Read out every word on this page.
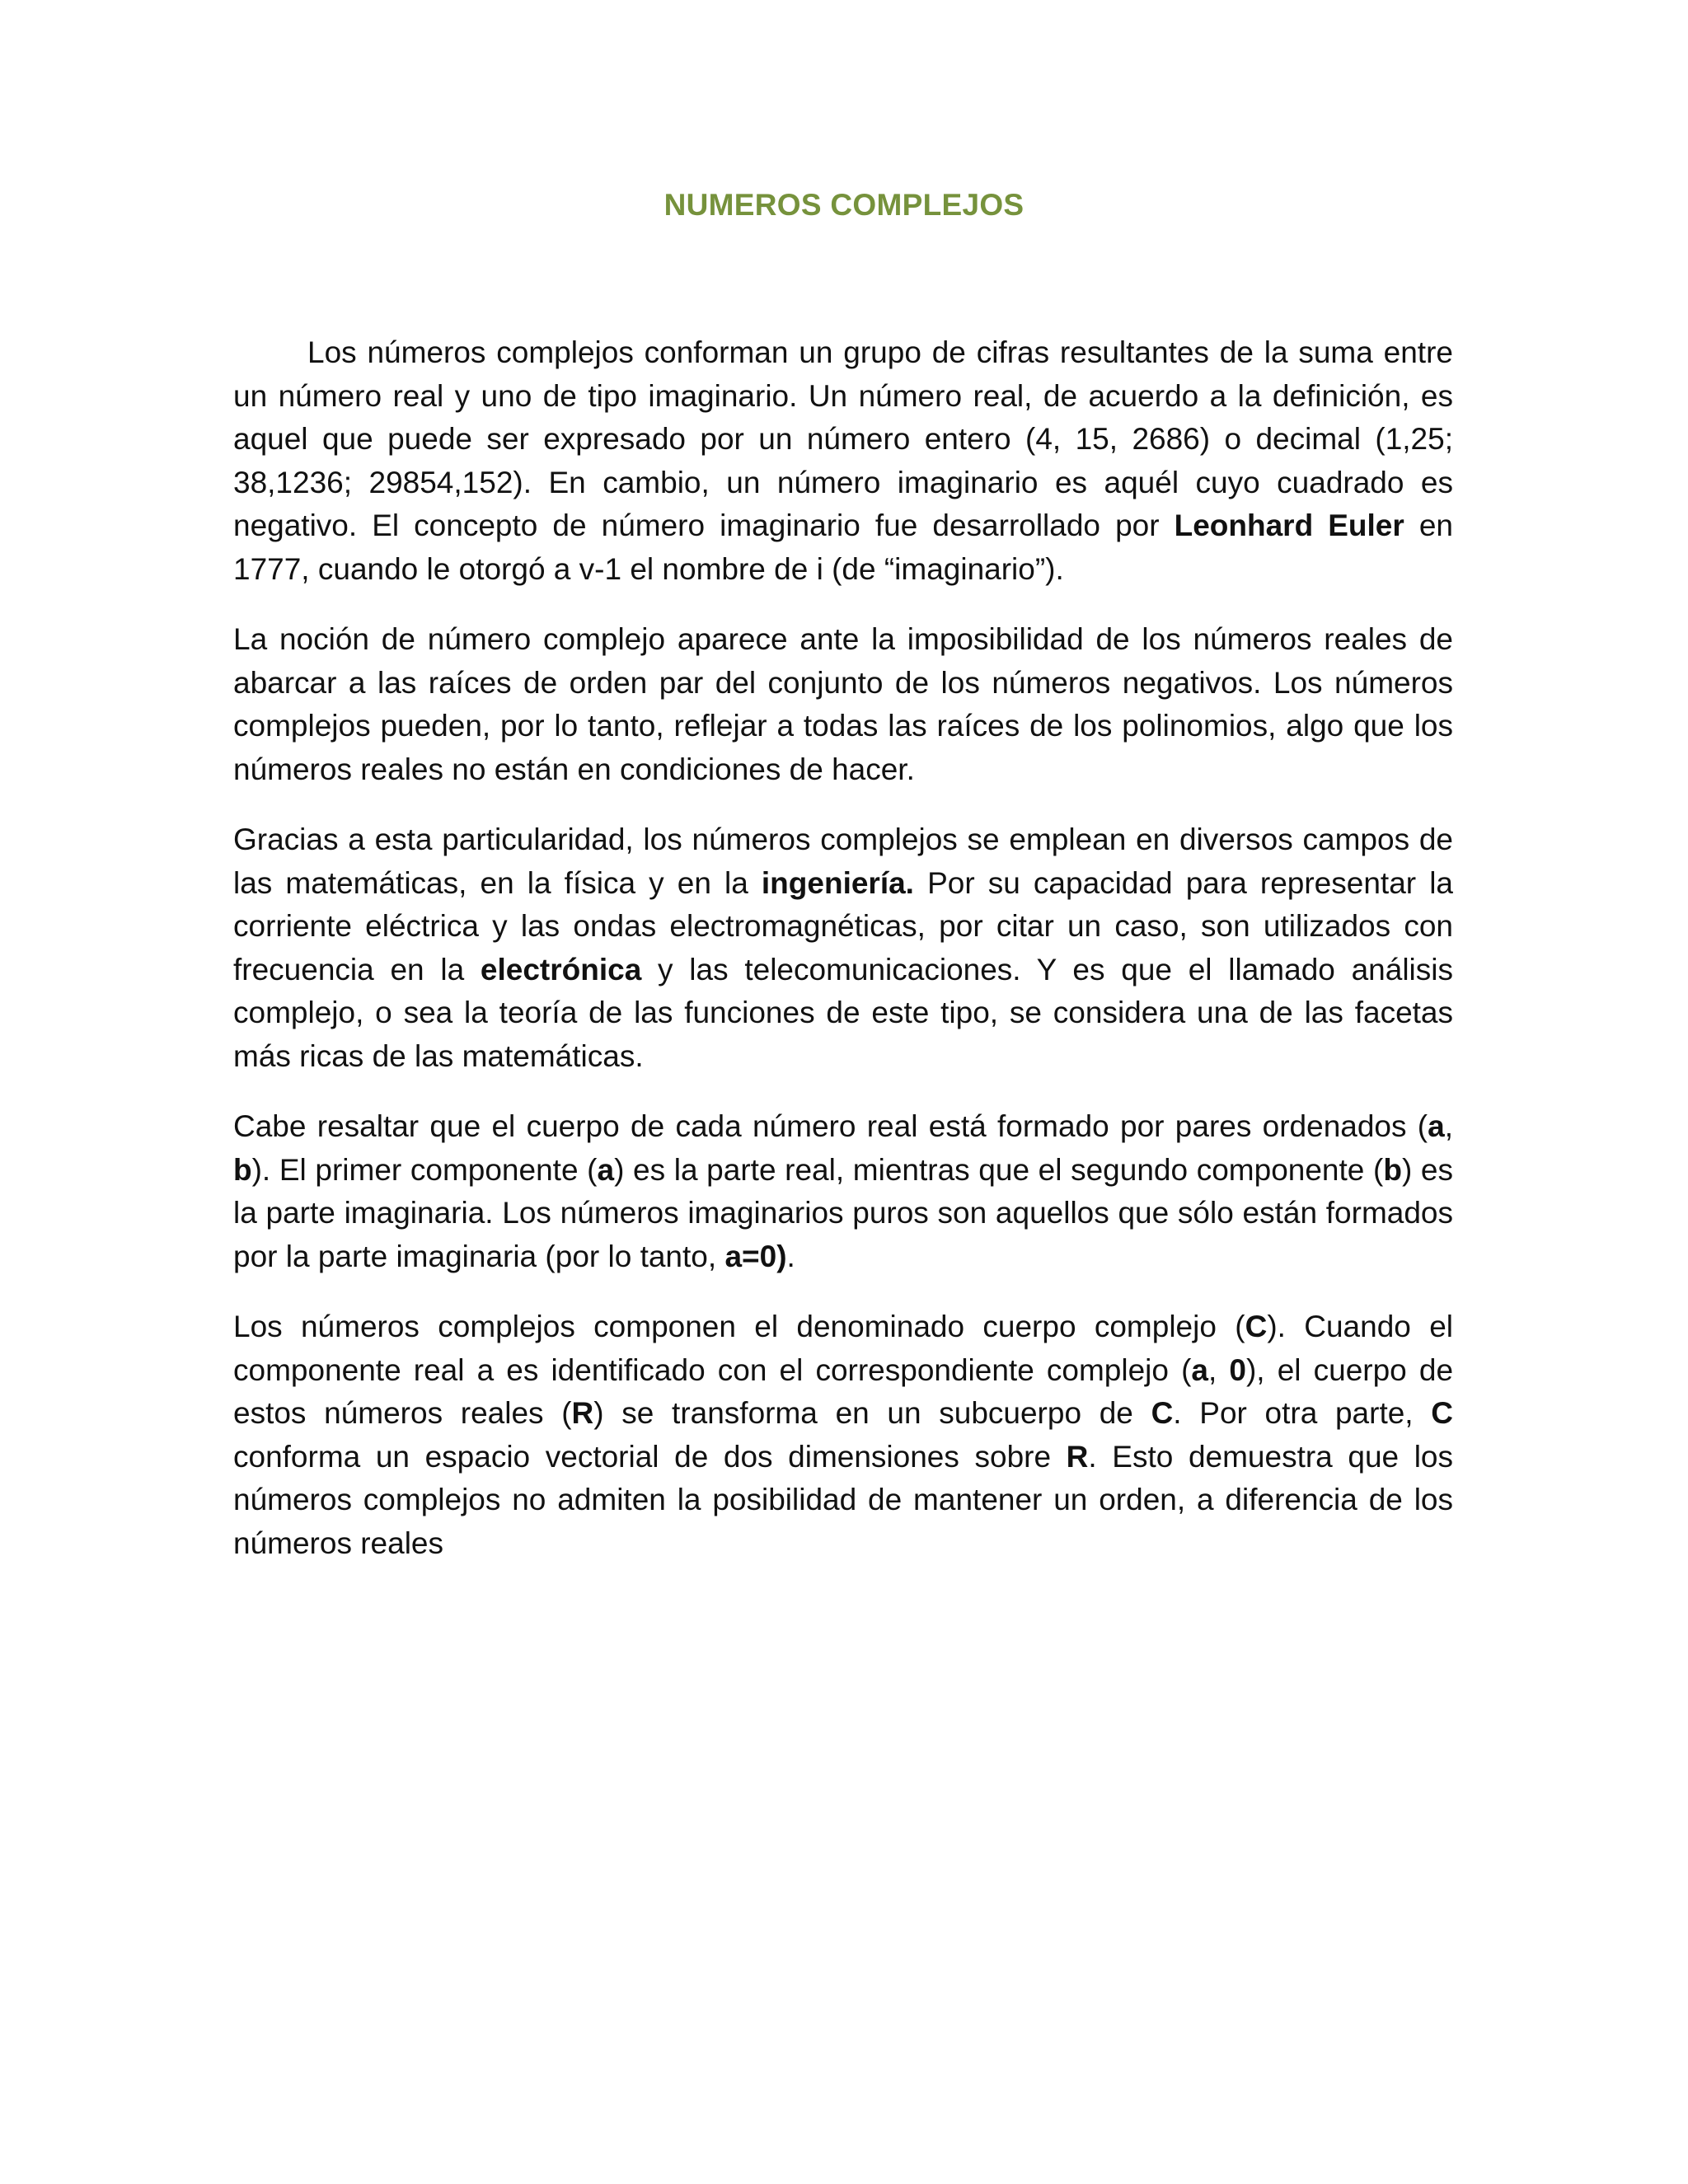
NUMEROS COMPLEJOS

Los números complejos conforman un grupo de cifras resultantes de la suma entre un número real y uno de tipo imaginario. Un número real, de acuerdo a la definición, es aquel que puede ser expresado por un número entero (4, 15, 2686) o decimal (1,25; 38,1236; 29854,152). En cambio, un número imaginario es aquél cuyo cuadrado es negativo. El concepto de número imaginario fue desarrollado por Leonhard Euler en 1777, cuando le otorgó a v-1 el nombre de i (de “imaginario”).

La noción de número complejo aparece ante la imposibilidad de los números reales de abarcar a las raíces de orden par del conjunto de los números negativos. Los números complejos pueden, por lo tanto, reflejar a todas las raíces de los polinomios, algo que los números reales no están en condiciones de hacer.

Gracias a esta particularidad, los números complejos se emplean en diversos campos de las matemáticas, en la física y en la ingeniería. Por su capacidad para representar la corriente eléctrica y las ondas electromagnéticas, por citar un caso, son utilizados con frecuencia en la electrónica y las telecomunicaciones. Y es que el llamado análisis complejo, o sea la teoría de las funciones de este tipo, se considera una de las facetas más ricas de las matemáticas.

Cabe resaltar que el cuerpo de cada número real está formado por pares ordenados (a, b). El primer componente (a) es la parte real, mientras que el segundo componente (b) es la parte imaginaria. Los números imaginarios puros son aquellos que sólo están formados por la parte imaginaria (por lo tanto, a=0).

Los números complejos componen el denominado cuerpo complejo (C). Cuando el componente real a es identificado con el correspondiente complejo (a, 0), el cuerpo de estos números reales (R) se transforma en un subcuerpo de C. Por otra parte, C conforma un espacio vectorial de dos dimensiones sobre R. Esto demuestra que los números complejos no admiten la posibilidad de mantener un orden, a diferencia de los números reales
